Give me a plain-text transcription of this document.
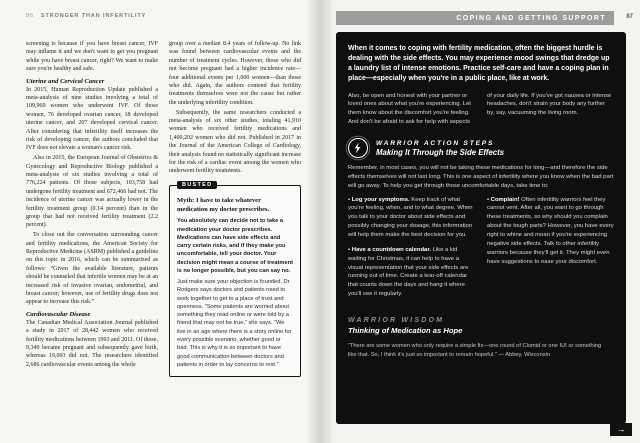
86 STRONGER THAN INFERTILITY

screening is because if you have breast cancer, IVF may inflame it and we don't want to get you pregnant while you have breast cancer, right? We want to make sure you're healthy and safe.

Uterine and Cervical Cancer

In 2015, Human Reproduction Update published a meta-analysis of nine studies involving a total of 109,969 women who underwent IVF. Of those women, 76 developed ovarian cancer, 18 developed uterine cancer, and 207 developed cervical cancer. After considering that infertility itself increases the risk of developing cancer, the authors concluded that IVF does not elevate a woman's cancer risk.

Also in 2015, the European Journal of Obstetrics & Gynecology and Reproductive Biology published a meta-analysis of six studies involving a total of 776,224 patients. Of those subjects, 103,758 had undergone fertility treatment and 672,466 had not. The incidence of uterine cancer was actually lower in the fertility treatment group (0.14 percent) than in the group that had not received fertility treatment (2.2 percent).

To close out the conversation surrounding cancer and fertility medications, the American Society for Reproductive Medicine (ASRM) published a guideline on this topic in 2016, which can be summarized as follows: “Given the available literature, patients should be counseled that infertile women may be at an increased risk of invasive ovarian, endometrial, and breast cancer; however, use of fertility drugs does not appear to increase this risk.”

Cardiovascular Disease

The Canadian Medical Association Journal published a study in 2017 of 28,442 women who received fertility medications between 1993 and 2011. Of those, 9,349 became pregnant and subsequently gave birth, whereas 19,093 did not. The researchers identified 2,686 cardiovascular events among the whole

group over a median 8.4 years of follow-up. No link was found between cardiovascular events and the number of treatment cycles. However, those who did not become pregnant had a higher incidence rate—four additional events per 1,000 women—than those who did. Again, the authors contend that fertility treatments themselves were not the cause but rather the underlying infertility condition.

Subsequently, the same researchers conducted a meta-analysis of six other studies, totaling 41,910 women who received fertility medications and 1,400,202 women who did not. Published in 2017 in the Journal of the American College of Cardiology, their analysis found no statistically significant increase for the risk of a cardiac event among the women who underwent fertility treatments.

BUSTED
Myth: I have to take whatever medication my doctor prescribes.

You absolutely can decide not to take a medication your doctor prescribes. Medications can have side effects and carry certain risks, and if they make you uncomfortable, tell your doctor. Your decision might mean a course of treatment is no longer possible, but you can say no.

Just make sure your objection is founded. Dr. Rodgers says doctors and patients need to work together to get to a place of trust and openness. “Some patients are worried about something they read online or were told by a friend that may not be true,” she says. “We live in an age where there is a story online for every possible scenario, whether good or bad. This is why it is so important to have good communication between doctors and patients in order to lay concerns to rest.”

COPING AND GETTING SUPPORT	87
When it comes to coping with fertility medication, often the biggest hurdle is dealing with the side effects. You may experience mood swings that dredge up a laundry list of intense emotions. Practice self-care and have a coping plan in place—especially when you're in a public place, like at work.
Also, be open and honest with your partner or loved ones about what you're experiencing. Let them know about the discomfort you're feeling. And don't be afraid to ask for help with aspects
of your daily life. If you've got nausea or intense headaches, don't strain your body any further by, say, vacuuming the living room.
WARRIOR ACTION STEPS
Making It Through the Side Effects
Remember, in most cases, you will not be taking these medications for long—and therefore the side effects themselves will not last long. This is one aspect of infertility where you know when the bad part will go away. To help you get through those uncomfortable days, take time to:
• Log your symptoms. Keep track of what you're feeling, when, and to what degree. When you talk to your doctor about side effects and possibly changing your dosage, this information will help them make the best decision for you.
• Have a countdown calendar. Like a kid waiting for Christmas, it can help to have a visual representation that your side effects are running out of time. Create a tear-off calendar that counts down the days and hang it where you'll see it regularly.
• Complain! Often infertility warriors feel they cannot vent. After all, you want to go through these treatments, so why should you complain about the tough parts? However, you have every right to whine and moan if you're experiencing negative side effects. Talk to other infertility warriors because they'll get it. They might even have suggestions to ease your discomfort.
WARRIOR WISDOM
Thinking of Medication as Hope
“There are some women who only require a simple fix—one round of Clomid or one IUI or something like that. So, I think it's just so important to remain hopeful.” — Abbey, Wisconsin
→
